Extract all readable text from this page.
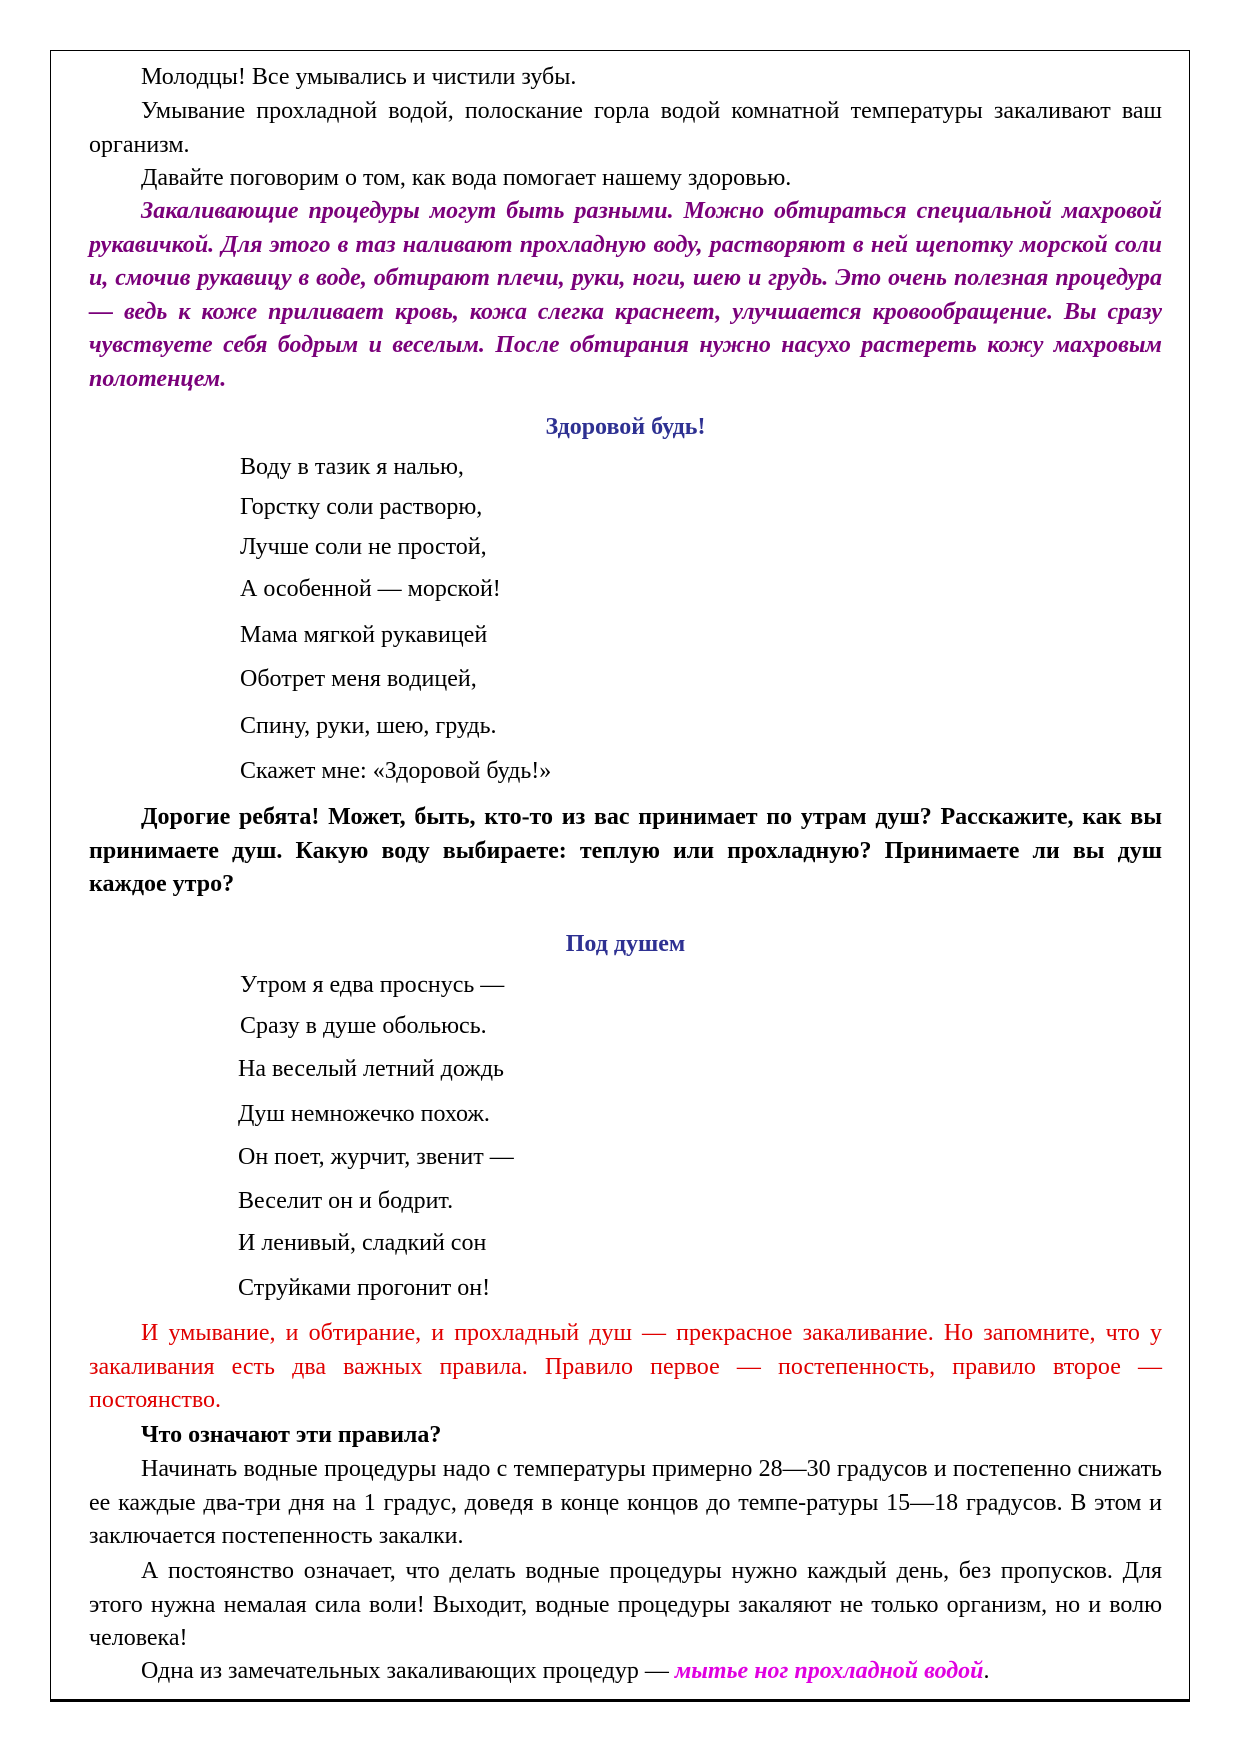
Молодцы! Все умывались и чистили зубы.
Умывание прохладной водой, полоскание горла водой комнатной температуры закаливают ваш организм.
Давайте поговорим о том, как вода помогает нашему здоровью.
Закаливающие процедуры могут быть разными. Можно обтираться специальной махровой рукавичкой. Для этого в таз наливают прохладную воду, растворяют в ней щепотку морской соли и, смочив рукавицу в воде, обтирают плечи, руки, ноги, шею и грудь. Это очень полезная процедура — ведь к коже приливает кровь, кожа слегка краснеет, улучшается кровообращение. Вы сразу чувствуете себя бодрым и веселым. После обтирания нужно насухо растереть кожу махровым полотенцем.
Здоровой будь!
Воду в тазик я налью,
Горстку соли растворю,
Лучше соли не простой,
А особенной — морской!
Мама мягкой рукавицей
Оботрет меня водицей,
Спину, руки, шею, грудь.
Скажет мне: «Здоровой будь!»
Дорогие ребята! Может, быть, кто-то из вас принимает по утрам душ? Расскажите, как вы принимаете душ. Какую воду выбираете: теплую или прохладную? Принимаете ли вы душ каждое утро?
Под душем
Утром я едва проснусь —
Сразу в душе обольюсь.
На веселый летний дождь
Душ немножечко похож.
Он поет, журчит, звенит —
Веселит он и бодрит.
И ленивый, сладкий сон
Струйками прогонит он!
И умывание, и обтирание, и прохладный душ — прекрасное закаливание. Но запомните, что у закаливания есть два важных правила. Правило первое — постепенность, правило второе — постоянство.
Что означают эти правила?
Начинать водные процедуры надо с температуры примерно 28—30 градусов и постепенно снижать ее каждые два-три дня на 1 градус, доведя в конце концов до темпе-ратуры 15—18 градусов. В этом и заключается постепенность закалки.
А постоянство означает, что делать водные процедуры нужно каждый день, без пропусков. Для этого нужна немалая сила воли! Выходит, водные процедуры закаляют не только организм, но и волю человека!
Одна из замечательных закаливающих процедур — мытье ног прохладной водой.
